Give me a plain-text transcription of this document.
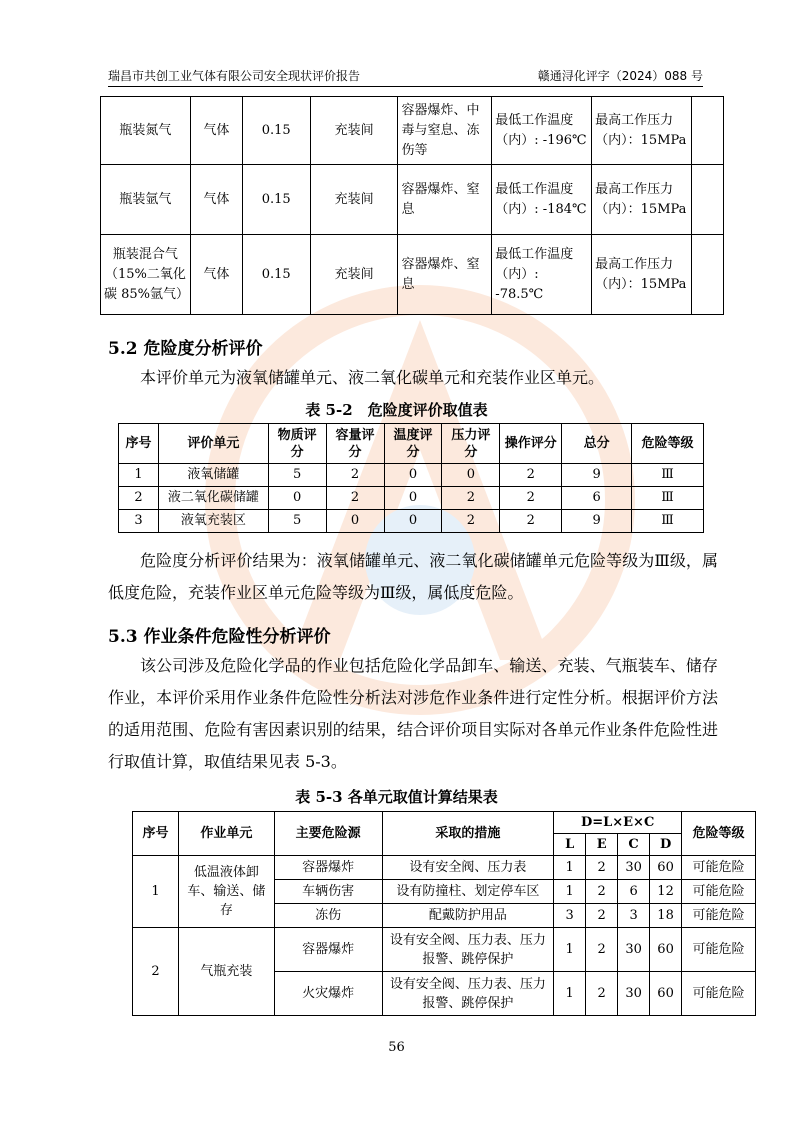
瑞昌市共创工业气体有限公司安全现状评价报告	赣通浔化评字（2024）088 号
瓶装氮气	气体	0.15	充装间	容器爆炸、中毒与窒息、冻伤等	最低工作温度（内）: -196℃	最高工作压力（内）：15MPa	
瓶装氩气	气体	0.15	充装间	容器爆炸、窒息	最低工作温度（内）: -184℃	最高工作压力（内）：15MPa	
瓶装混合气（15%二氧化碳 85%氩气）	气体	0.15	充装间	容器爆炸、窒息	最低工作温度（内）: -78.5℃	最高工作压力（内）：15MPa	
5.2 危险度分析评价
本评价单元为液氧储罐单元、液二氧化碳单元和充装作业区单元。
表 5-2　危险度评价取值表
序号	评价单元	物质评分	容量评分	温度评分	压力评分	操作评分	总分	危险等级
1	液氧储罐	5	2	0	0	2	9	Ⅲ
2	液二氧化碳储罐	0	2	0	2	2	6	Ⅲ
3	液氧充装区	5	0	0	2	2	9	Ⅲ
危险度分析评价结果为：液氧储罐单元、液二氧化碳储罐单元危险等级为Ⅲ级，属低度危险，充装作业区单元危险等级为Ⅲ级，属低度危险。
5.3 作业条件危险性分析评价
该公司涉及危险化学品的作业包括危险化学品卸车、输送、充装、气瓶装车、储存作业，本评价采用作业条件危险性分析法对涉危作业条件进行定性分析。根据评价方法的适用范围、危险有害因素识别的结果，结合评价项目实际对各单元作业条件危险性进行取值计算，取值结果见表 5-3。
表 5-3 各单元取值计算结果表
序号	作业单元	主要危险源	采取的措施	D=L×E×C				危险等级
				L	E	C	D	
1	低温液体卸车、输送、储存	容器爆炸	设有安全阀、压力表	1	2	30	60	可能危险
		车辆伤害	设有防撞柱、划定停车区	1	2	6	12	可能危险
		冻伤	配戴防护用品	3	2	3	18	可能危险
2	气瓶充装	容器爆炸	设有安全阀、压力表、压力报警、跳停保护	1	2	30	60	可能危险
		火灾爆炸	设有安全阀、压力表、压力报警、跳停保护	1	2	30	60	可能危险
56
